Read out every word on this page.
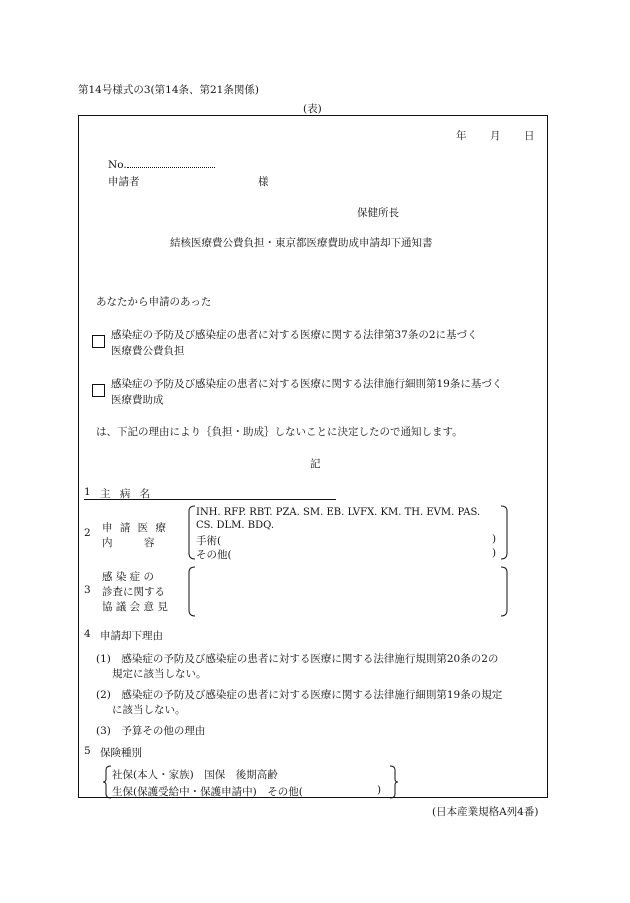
第14号様式の3(第14条、第21条関係)
(表)
年 月 日
No.
申請者	様
保健所長
結核医療費公費負担・東京都医療費助成申請却下通知書
あなたから申請のあった
感染症の予防及び感染症の患者に対する医療に関する法律第37条の2に基づく
医療費公費負担
感染症の予防及び感染症の患者に対する医療に関する法律施行細則第19条に基づく
医療費助成
は、下記の理由により｛負担・助成｝しないことに決定したので通知します。
記
1 主 病 名
2 申 請 医 療
内　　　容
INH. RFP. RBT. PZA. SM. EB. LVFX. KM. TH. EVM. PAS.
CS. DLM. BDQ.
手術(	)
その他(	)
3
感 染 症 の
診査に関する
協 議 会 意 見
4 申請却下理由
(1)　感染症の予防及び感染症の患者に対する医療に関する法律施行規則第20条の2の
規定に該当しない。
(2)　感染症の予防及び感染症の患者に対する医療に関する法律施行細則第19条の規定
に該当しない。
(3)　予算その他の理由
5 保険種別
社保(本人・家族)　国保　後期高齢
生保(保護受給中・保護申請中)　その他(	)
(日本産業規格A列4番)
